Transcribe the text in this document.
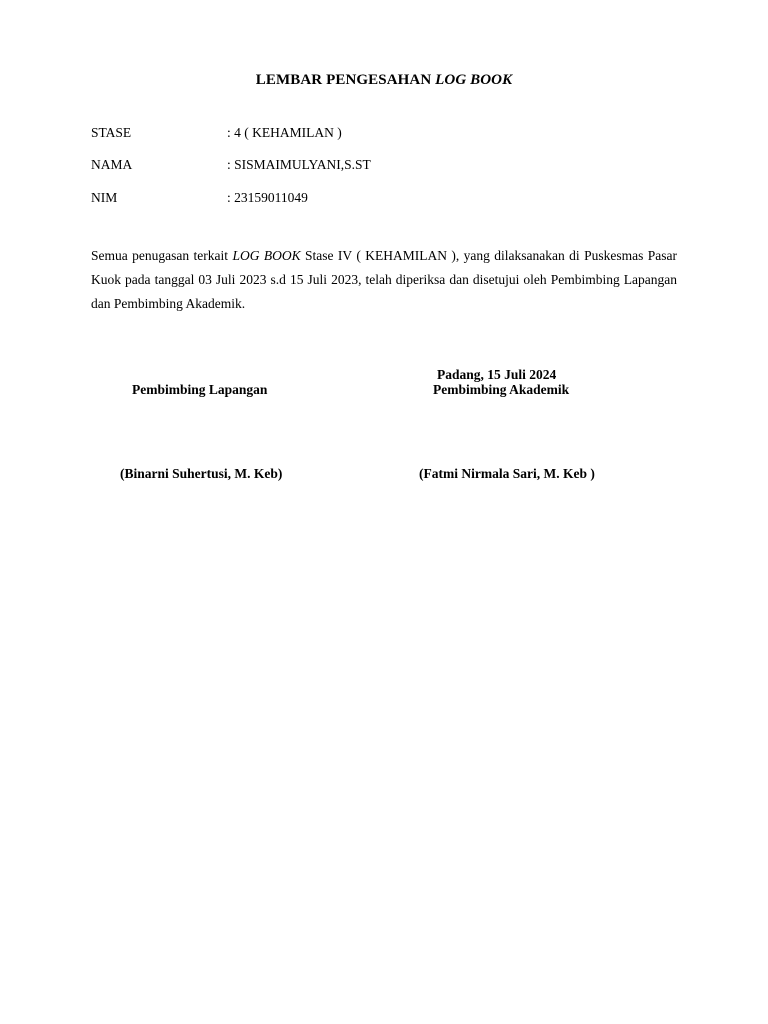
LEMBAR PENGESAHAN LOG BOOK
STASE	: 4 ( KEHAMILAN )
NAMA	: SISMAIMULYANI,S.ST
NIM	: 23159011049
Semua penugasan terkait LOG BOOK Stase IV ( KEHAMILAN ), yang dilaksanakan di Puskesmas Pasar Kuok pada tanggal 03 Juli 2023 s.d 15 Juli 2023, telah diperiksa dan disetujui oleh Pembimbing Lapangan dan Pembimbing Akademik.
Padang, 15 Juli 2024
Pembimbing Lapangan	Pembimbing Akademik
(Binarni Suhertusi, M. Keb)	(Fatmi Nirmala Sari, M. Keb )
